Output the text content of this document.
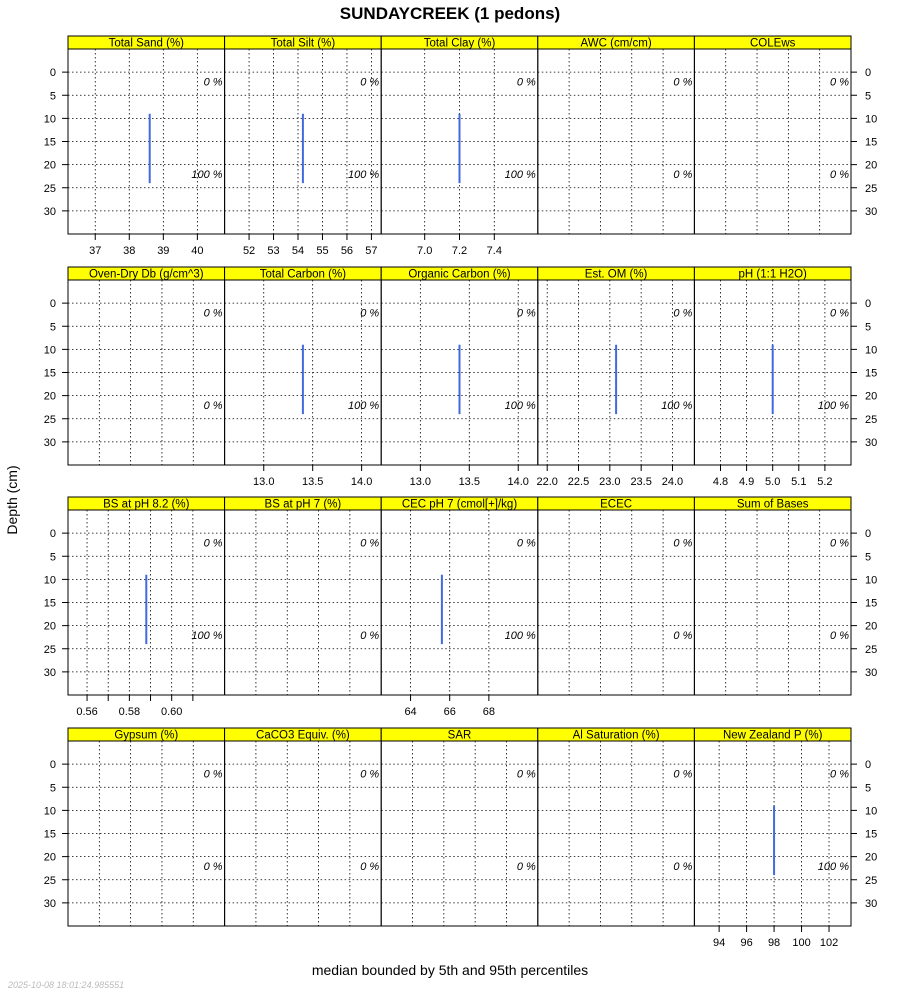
SUNDAYCREEK (1 pedons)
Depth (cm)
Total Sand (%)
0 %
100 %
37 38 39 40
0
5
10
15
20
25
30
Total Silt (%)
0 %
100 %
52 53 54 55 56 57
Total Clay (%)
0 %
100 %
7.0 7.2 7.4
AWC (cm/cm)
0 %
0 %
COLEws
0 %
0 %
0
5
10
15
20
25
30
Oven-Dry Db (g/cm^3)
0 %
0 %
0
5
10
15
20
25
30
Total Carbon (%)
0 %
100 %
13.0	13.5	14.0
Organic Carbon (%)
0 %
100 %
13.0	13.5	14.0
Est. OM (%)
0 %
100 %
22.0 22.5 23.0 23.5 24.0
pH (1:1 H2O)
0 %
100 %
4.8 4.9 5.0 5.1 5.2
0
5
10
15
20
25
30
BS at pH 8.2 (%)
0 %
100 %
0.56 0.58 0.60
0
5
10
15
20
25
30
BS at pH 7 (%)
0 %
0 %
CEC pH 7 (cmol[+]/kg)
0 %
100 %
64 66 68
ECEC
0 %
0 %
Sum of Bases
0 %
0 %
0
5
10
15
20
25
30
Gypsum (%)
0 %
0 %
0
5
10
15
20
25
30
CaCO3 Equiv. (%)
0 %
0 %
SAR
0 %
0 %
Al Saturation (%)
0 %
0 %
New Zealand P (%)
0 %
100 %
94 96 98 100 102
0
5
10
15
20
25
30
median bounded by 5th and 95th percentiles
2025-10-08 18:01:24.985551
